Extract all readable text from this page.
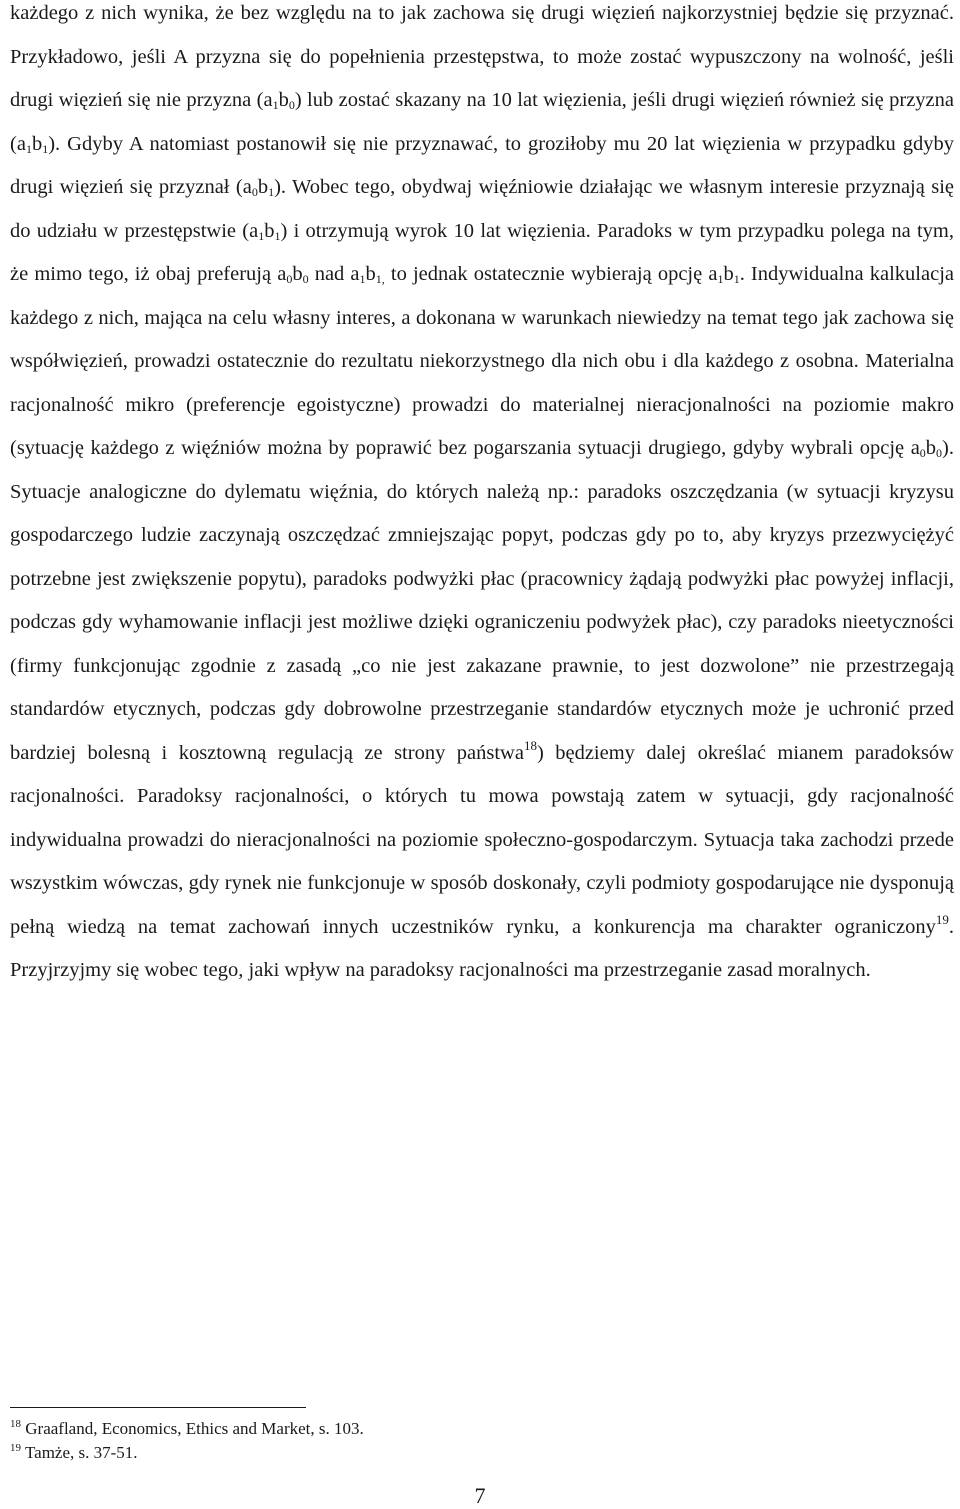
każdego z nich wynika, że bez względu na to jak zachowa się drugi więzień najkorzystniej będzie się przyznać. Przykładowo, jeśli A przyzna się do popełnienia przestępstwa, to może zostać wypuszczony na wolność, jeśli drugi więzień się nie przyzna $(a_1b_0)$ lub zostać skazany na 10 lat więzienia, jeśli drugi więzień również się przyzna $(a_1b_1)$. Gdyby A natomiast postanowił się nie przyznawać, to groziłoby mu 20 lat więzienia w przypadku gdyby drugi więzień się przyznał $(a_0b_1)$. Wobec tego, obydwaj więźniowie działając we własnym interesie przyznają się do udziału w przestępstwie $(a_1b_1)$ i otrzymują wyrok 10 lat więzienia. Paradoks w tym przypadku polega na tym, że mimo tego, iż obaj preferują $a_0b_0$ nad $a_1b_{1,}$ to jednak ostatecznie wybierają opcję $a_1b_1$. Indywidualna kalkulacja każdego z nich, mająca na celu własny interes, a dokonana w warunkach niewiedzy na temat tego jak zachowa się współwięzień, prowadzi ostatecznie do rezultatu niekorzystnego dla nich obu i dla każdego z osobna. Materialna racjonalność mikro (preferencje egoistyczne) prowadzi do materialnej nieracjonalności na poziomie makro (sytuację każdego z więźniów można by poprawić bez pogarszania sytuacji drugiego, gdyby wybrali opcję $a_0b_0$). Sytuacje analogiczne do dylematu więźnia, do których należą np.: paradoks oszczędzania (w sytuacji kryzysu gospodarczego ludzie zaczynają oszczędzać zmniejszając popyt, podczas gdy po to, aby kryzys przezwyciężyć potrzebne jest zwiększenie popytu), paradoks podwyżki płac (pracownicy żądają podwyżki płac powyżej inflacji, podczas gdy wyhamowanie inflacji jest możliwe dzięki ograniczeniu podwyżek płac), czy paradoks nieetyczności (firmy funkcjonując zgodnie z zasadą „co nie jest zakazane prawnie, to jest dozwolone” nie przestrzegają standardów etycznych, podczas gdy dobrowolne przestrzeganie standardów etycznych może je uchronić przed bardziej bolesną i kosztowną regulacją ze strony państwa$^{18}$) będziemy dalej określać mianem paradoksów racjonalności. Paradoksy racjonalności, o których tu mowa powstają zatem w sytuacji, gdy racjonalność indywidualna prowadzi do nieracjonalności na poziomie społeczno-gospodarczym. Sytuacja taka zachodzi przede wszystkim wówczas, gdy rynek nie funkcjonuje w sposób doskonały, czyli podmioty gospodarujące nie dysponują pełną wiedzą na temat zachowań innych uczestników rynku, a konkurencja ma charakter ograniczony$^{19}$. Przyjrzyjmy się wobec tego, jaki wpływ na paradoksy racjonalności ma przestrzeganie zasad moralnych.

$^{18}$ Graafland, Economics, Ethics and Market, s. 103.

$^{19}$ Tamże, s. 37-51.

7
